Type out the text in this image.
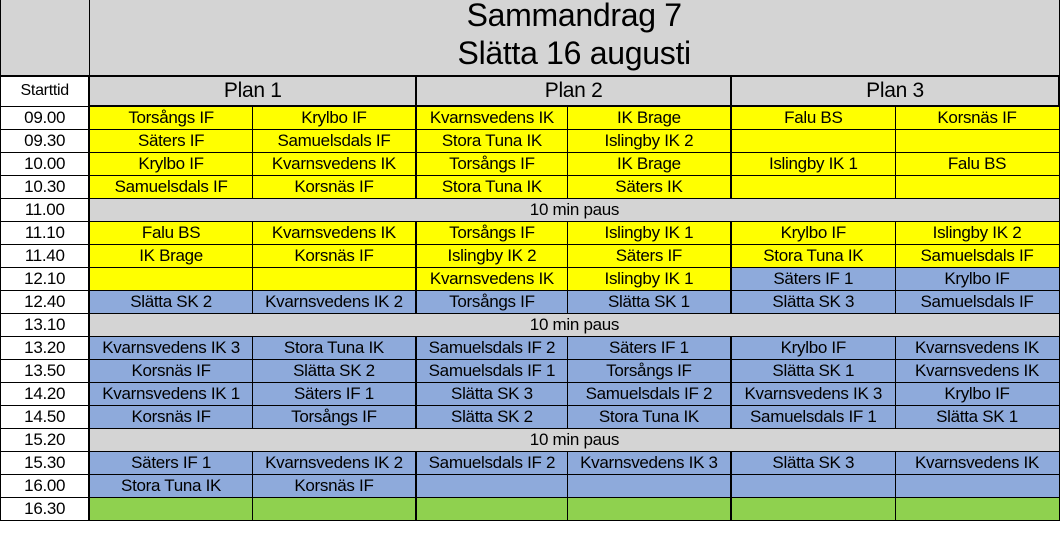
	Sammandrag 7
Slätta 16 augusti					

Starttid	Plan 1		Plan 2		Plan 3	
09.00	Torsångs IF	Krylbo IF	Kvarnsvedens IK	IK Brage	Falu BS	Korsnäs IF
09.30	Säters IF	Samuelsdals IF	Stora Tuna IK	Islingby IK 2		
10.00	Krylbo IF	Kvarnsvedens IK	Torsångs IF	IK Brage	Islingby IK 1	Falu BS
10.30	Samuelsdals IF	Korsnäs IF	Stora Tuna IK	Säters IK		
11.00	10 min paus					
11.10	Falu BS	Kvarnsvedens IK	Torsångs IF	Islingby IK 1	Krylbo IF	Islingby IK 2
11.40	IK Brage	Korsnäs IF	Islingby IK 2	Säters IF	Stora Tuna IK	Samuelsdals IF
12.10			Kvarnsvedens IK	Islingby IK 1	Säters IF 1	Krylbo IF
12.40	Slätta SK 2	Kvarnsvedens IK 2	Torsångs IF	Slätta SK 1	Slätta SK 3	Samuelsdals IF
13.10	10 min paus					
13.20	Kvarnsvedens IK 3	Stora Tuna IK	Samuelsdals IF 2	Säters IF 1	Krylbo IF	Kvarnsvedens IK
13.50	Korsnäs IF	Slätta SK 2	Samuelsdals IF 1	Torsångs IF	Slätta SK 1	Kvarnsvedens IK
14.20	Kvarnsvedens IK 1	Säters IF 1	Slätta SK 3	Samuelsdals IF 2	Kvarnsvedens IK 3	Krylbo IF
14.50	Korsnäs IF	Torsångs IF	Slätta SK 2	Stora Tuna IK	Samuelsdals IF 1	Slätta SK 1
15.20	10 min paus					
15.30	Säters IF 1	Kvarnsvedens IK 2	Samuelsdals IF 2	Kvarnsvedens IK 3	Slätta SK 3	Kvarnsvedens IK
16.00	Stora Tuna IK	Korsnäs IF				
16.30						
